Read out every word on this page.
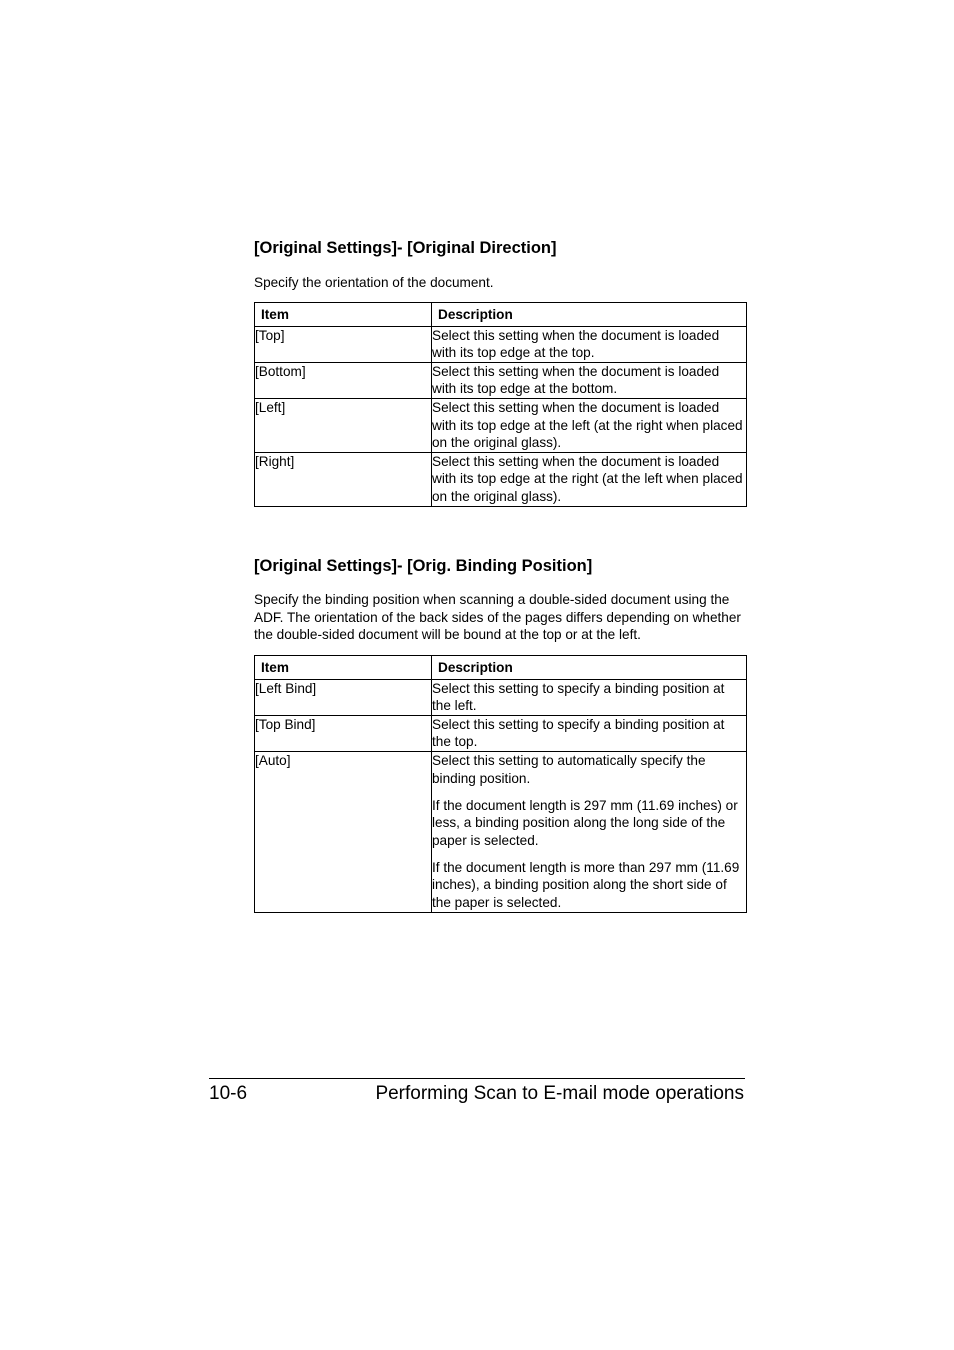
[Original Settings]- [Original Direction]

Specify the orientation of the document.

Item	Description
[Top]	Select this setting when the document is loaded with its top edge at the top.

[Bottom]	Select this setting when the document is loaded with its top edge at the bottom.

[Left]	Select this setting when the document is loaded with its top edge at the left (at the right when placed on the original glass).

[Right]	Select this setting when the document is loaded with its top edge at the right (at the left when placed on the original glass).
[Original Settings]- [Orig. Binding Position]

Specify the binding position when scanning a double-sided document using the ADF. The orientation of the back sides of the pages differs depending on whether the double-sided document will be bound at the top or at the left.

Item	Description
[Left Bind]	Select this setting to specify a binding position at the left.

[Top Bind]	Select this setting to specify a binding position at the top.

[Auto]	Select this setting to automatically specify the binding position.
If the document length is 297 mm (11.69 inches) or less, a binding position along the long side of the paper is selected.
If the document length is more than 297 mm (11.69 inches), a binding position along the short side of the paper is selected.
10-6	Performing Scan to E-mail mode operations
